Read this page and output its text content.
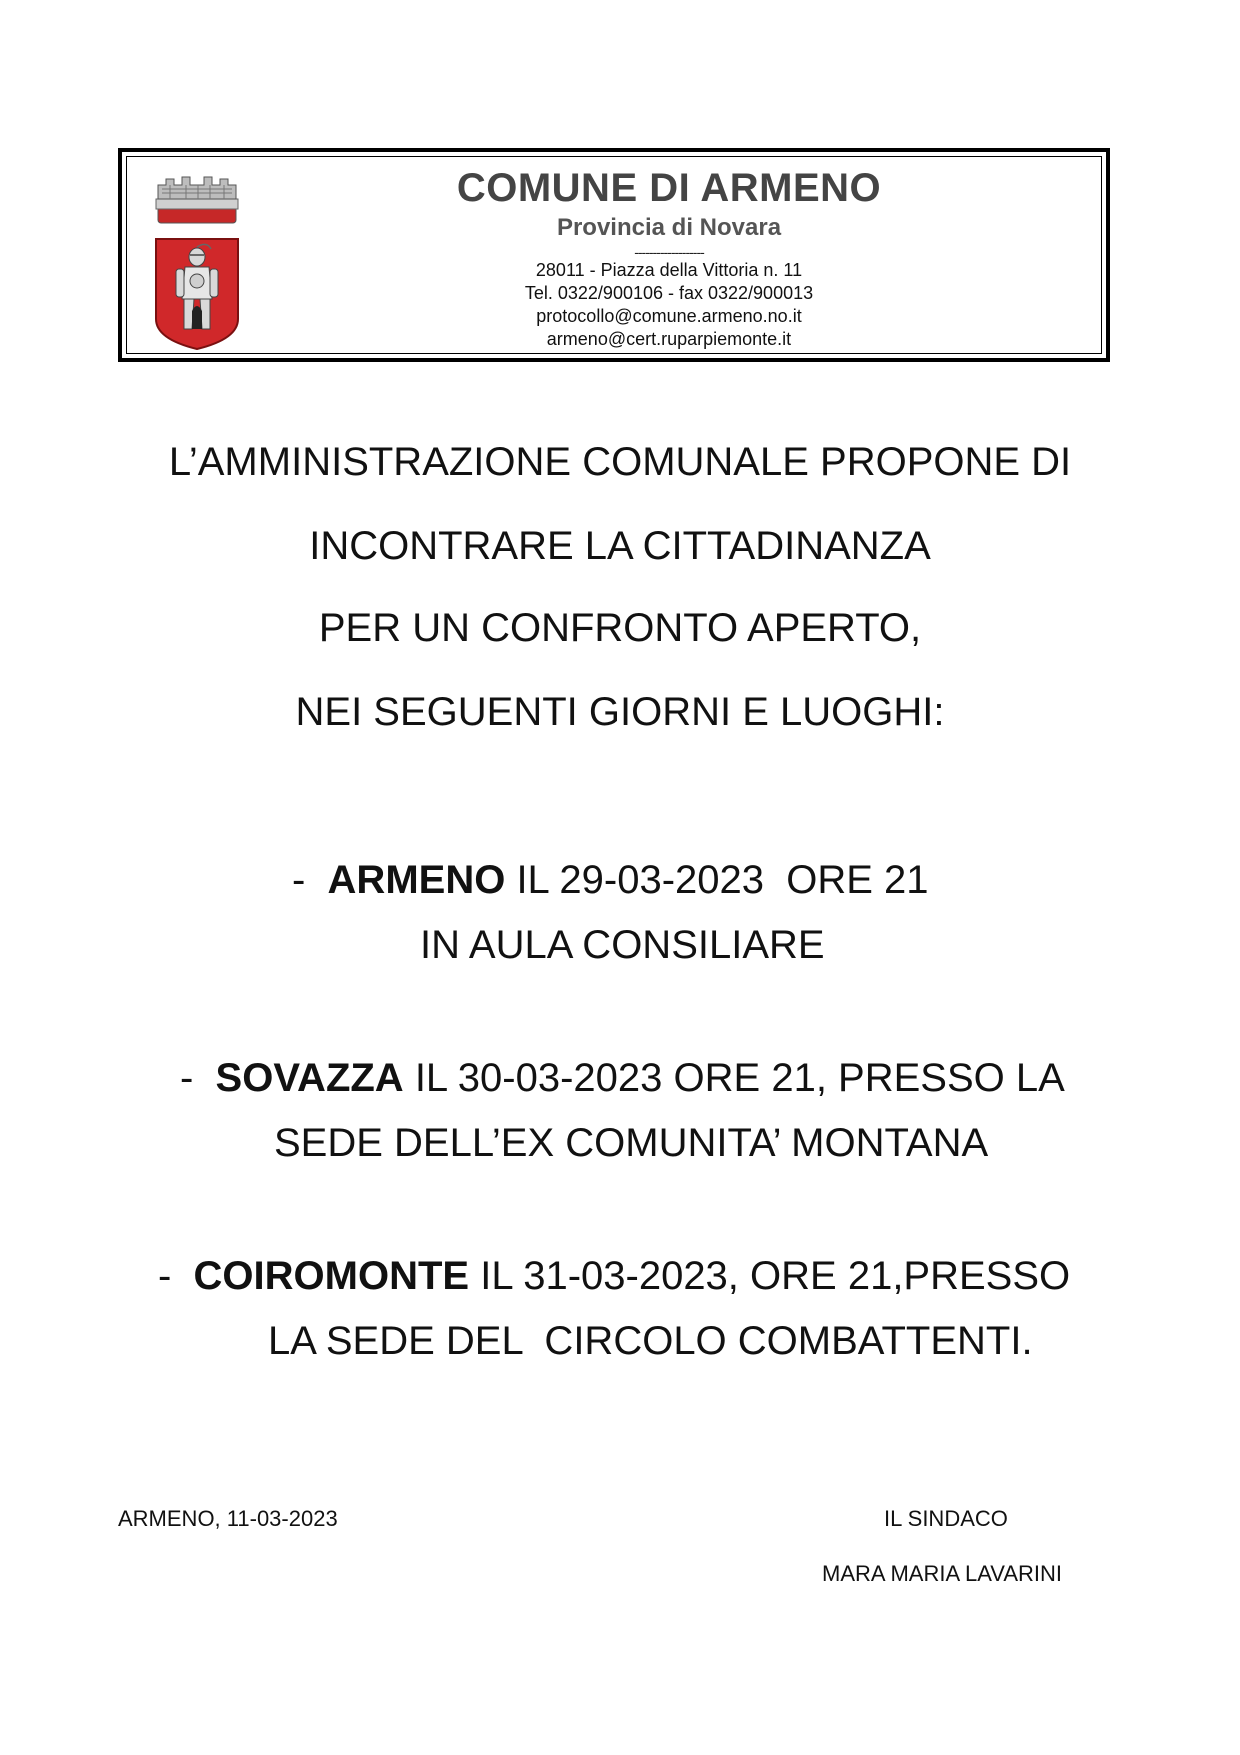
COMUNE DI ARMENO
Provincia di Novara
-------------------
28011 - Piazza della Vittoria n. 11
Tel. 0322/900106 - fax 0322/900013
protocollo@comune.armeno.no.it
armeno@cert.ruparpiemonte.it
L’AMMINISTRAZIONE COMUNALE PROPONE DI
INCONTRARE LA CITTADINANZA
PER UN CONFRONTO APERTO,
NEI SEGUENTI GIORNI E LUOGHI:
-  ARMENO IL 29-03-2023  ORE 21
IN AULA CONSILIARE
-  SOVAZZA IL 30-03-2023 ORE 21, PRESSO LA
SEDE DELL’EX COMUNITA’ MONTANA
-  COIROMONTE IL 31-03-2023, ORE 21,PRESSO
LA SEDE DEL  CIRCOLO COMBATTENTI.
ARMENO, 11-03-2023	IL SINDACO
MARA MARIA LAVARINI
